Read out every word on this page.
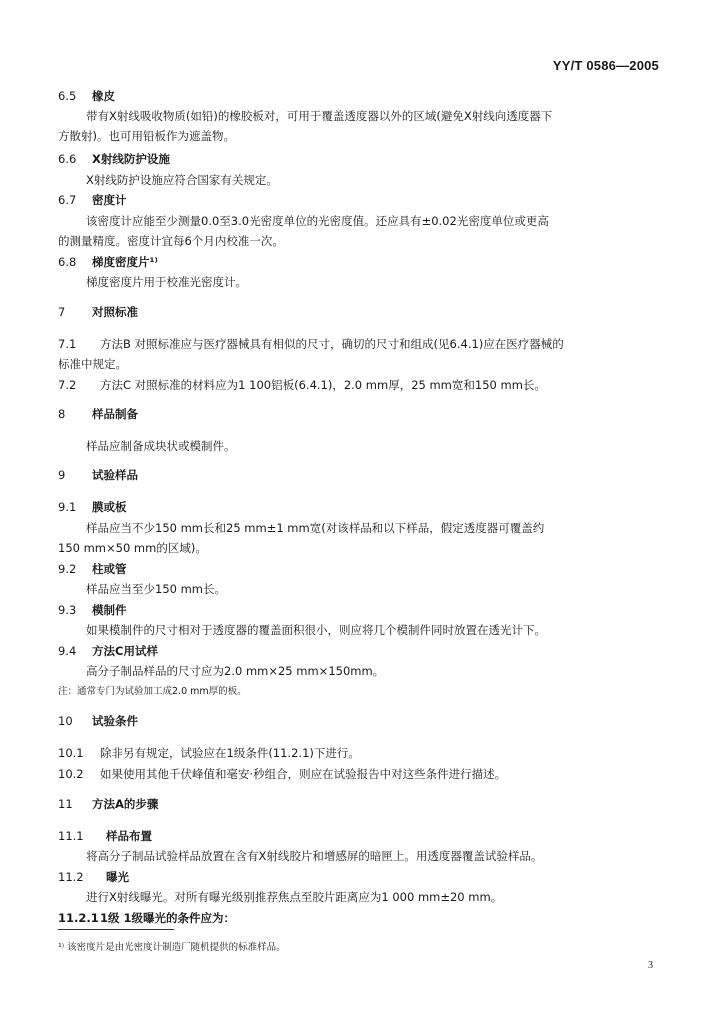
YY/T 0586—2005
6.5 橡皮
带有X射线吸收物质(如铅)的橡胶板对，可用于覆盖透度器以外的区域(避免X射线向透度器下
方散射)。也可用铅板作为遮盖物。
6.6 X射线防护设施
X射线防护设施应符合国家有关规定。
6.7 密度计
该密度计应能至少测量0.0至3.0光密度单位的光密度值。还应具有±0.02光密度单位或更高
的测量精度。密度计宜每6个月内校准一次。
6.8 梯度密度片¹⁾
梯度密度片用于校准光密度计。
7 对照标准
7.1 方法B 对照标准应与医疗器械具有相似的尺寸，确切的尺寸和组成(见6.4.1)应在医疗器械的
标准中规定。
7.2 方法C 对照标准的材料应为1 100铝板(6.4.1)，2.0 mm厚，25 mm宽和150 mm长。
8 样品制备
样品应制备成块状或模制件。
9 试验样品
9.1 膜或板
样品应当不少150 mm长和25 mm±1 mm宽(对该样品和以下样品，假定透度器可覆盖约
150 mm×50 mm的区域)。
9.2 柱或管
样品应当至少150 mm长。
9.3 模制件
如果模制件的尺寸相对于透度器的覆盖面积很小，则应将几个模制件同时放置在透光计下。
9.4 方法C用试样
高分子制品样品的尺寸应为2.0 mm×25 mm×150mm。
注：通常专门为试验加工成2.0 mm厚的板。
10 试验条件
10.1 除非另有规定，试验应在1级条件(11.2.1)下进行。
10.2 如果使用其他千伏峰值和毫安·秒组合，则应在试验报告中对这些条件进行描述。
11 方法A的步骤
11.1 样品布置
将高分子制品试验样品放置在含有X射线胶片和增感屏的暗匣上。用透度器覆盖试验样品。
11.2 曝光
进行X射线曝光。对所有曝光级别推荐焦点至胶片距离应为1 000 mm±20 mm。
11.2.11级 1级曝光的条件应为：
¹⁾ 该密度片是由光密度计制造厂随机提供的标准样品。
3
